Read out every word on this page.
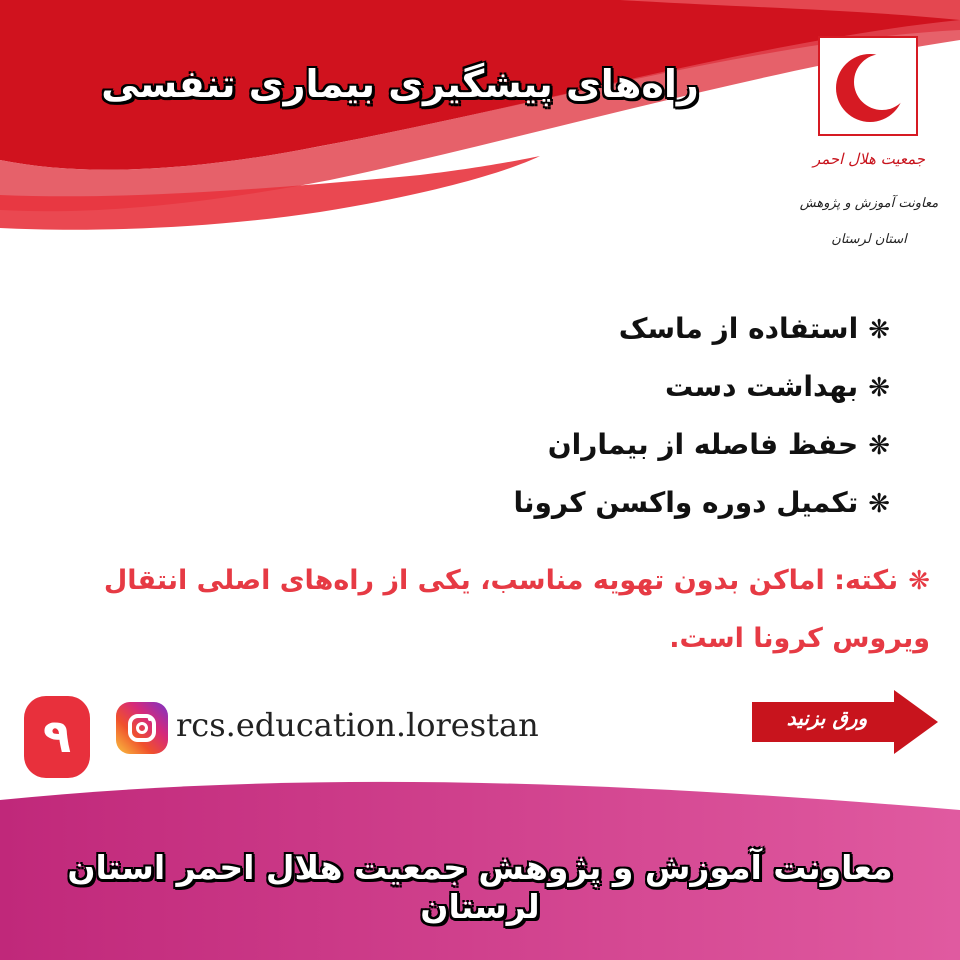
راه‌های پیشگیری بیماری تنفسی
جمعیت هلال احمر
معاونت آموزش و پژوهش
استان لرستان
❋استفاده از ماسک
❋بهداشت دست
❋حفظ فاصله از بیماران
❋تکمیل دوره واکسن کرونا
❋نکته: اماکن بدون تهویه مناسب، یکی از راه‌های اصلی انتقال ویروس کرونا است.
۹	rcs.education.lorestan	ورق بزنید
معاونت آموزش و پژوهش جمعیت هلال احمر استان لرستان
